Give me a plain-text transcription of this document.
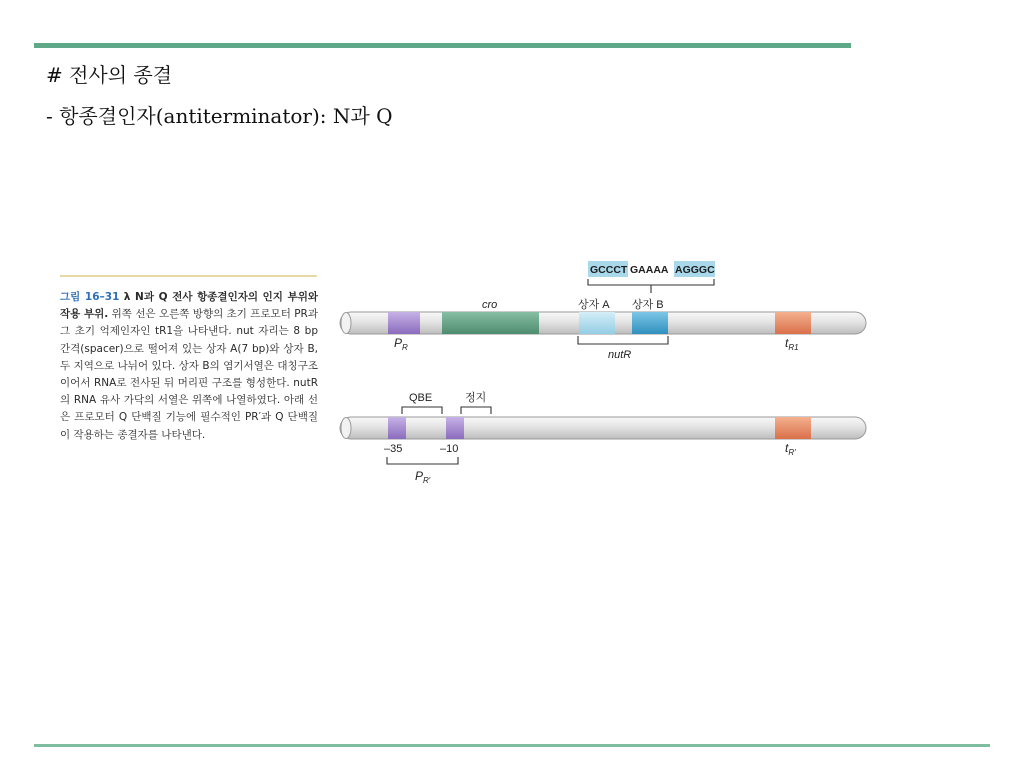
# 전사의 종결
- 항종결인자(antiterminator): N과 Q
그림 16–31 λ N과 Q 전사 항종결인자의 인지 부위와 작용 부위. 위쪽 선은 오른쪽 방향의 초기 프로모터 PR과 그 초기 억제인자인 tR1을 나타낸다. nut 자리는 8 bp 간격(spacer)으로 떨어져 있는 상자 A(7 bp)와 상자 B, 두 지역으로 나뉘어 있다. 상자 B의 염기서열은 대칭구조이어서 RNA로 전사된 뒤 머리핀 구조를 형성한다. nutR의 RNA 유사 가닥의 서열은 위쪽에 나열하였다. 아래 선은 프로모터 Q 단백질 기능에 필수적인 PR′과 Q 단백질이 작용하는 종결자를 나타낸다.
GCCCT GAAAA AGGGC
cro	상자 A 상자 B
nutR
$P_R$	$t_{R1}$
QBE	정지
–35	–10
$P_{R'}$
$t_{R'}$
